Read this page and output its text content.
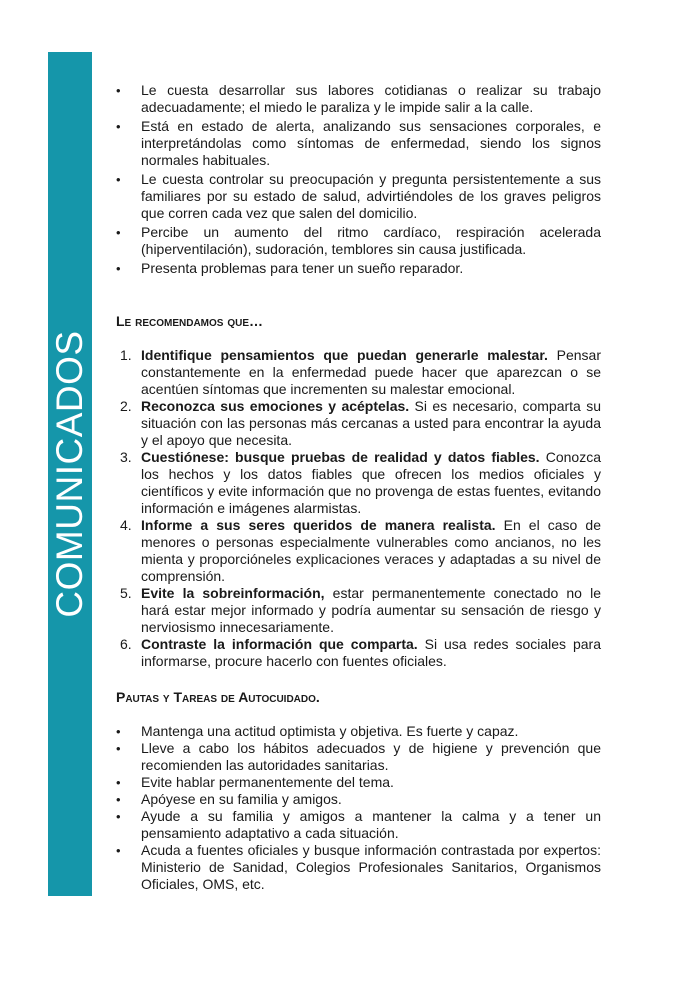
COMUNICADOS
• Le cuesta desarrollar sus labores cotidianas o realizar su trabajo adecuadamente; el miedo le paraliza y le impide salir a la calle.
• Está en estado de alerta, analizando sus sensaciones corporales, e interpretándolas como síntomas de enfermedad, siendo los signos normales habituales.
• Le cuesta controlar su preocupación y pregunta persistentemente a sus familiares por su estado de salud, advirtiéndoles de los graves peligros que corren cada vez que salen del domicilio.
• Percibe un aumento del ritmo cardíaco, respiración acelerada (hiperventilación), sudoración, temblores sin causa justificada.
• Presenta problemas para tener un sueño reparador.

Le recomendamos que…

1. Identifique pensamientos que puedan generarle malestar. Pensar constantemente en la enfermedad puede hacer que aparezcan o se acentúen síntomas que incrementen su malestar emocional.
2. Reconozca sus emociones y acéptelas. Si es necesario, comparta su situación con las personas más cercanas a usted para encontrar la ayuda y el apoyo que necesita.
3. Cuestiónese: busque pruebas de realidad y datos fiables. Conozca los hechos y los datos fiables que ofrecen los medios oficiales y científicos y evite información que no provenga de estas fuentes, evitando información e imágenes alarmistas.
4. Informe a sus seres queridos de manera realista. En el caso de menores o personas especialmente vulnerables como ancianos, no les mienta y proporcióneles explicaciones veraces y adaptadas a su nivel de comprensión.
5. Evite la sobreinformación, estar permanentemente conectado no le hará estar mejor informado y podría aumentar su sensación de riesgo y nerviosismo innecesariamente.
6. Contraste la información que comparta. Si usa redes sociales para informarse, procure hacerlo con fuentes oficiales.

Pautas y Tareas de Autocuidado.

• Mantenga una actitud optimista y objetiva. Es fuerte y capaz.
• Lleve a cabo los hábitos adecuados y de higiene y prevención que recomienden las autoridades sanitarias.
• Evite hablar permanentemente del tema.
• Apóyese en su familia y amigos.
• Ayude a su familia y amigos a mantener la calma y a tener un pensamiento adaptativo a cada situación.
• Acuda a fuentes oficiales y busque información contrastada por expertos: Ministerio de Sanidad, Colegios Profesionales Sanitarios, Organismos Oficiales, OMS, etc.
